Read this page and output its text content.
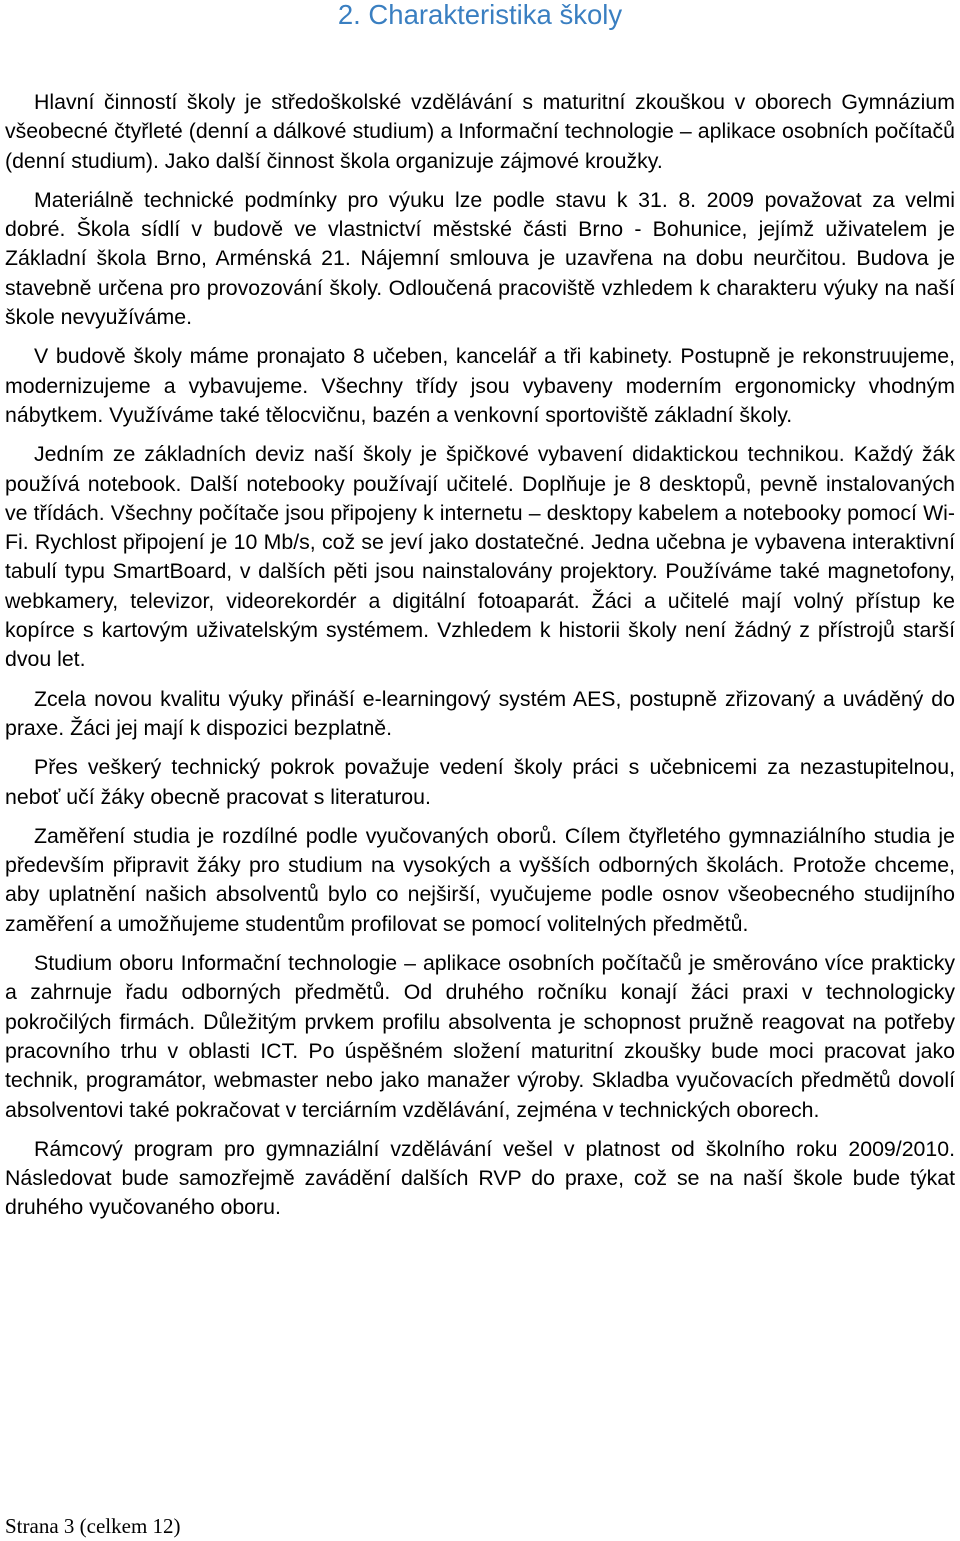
2. Charakteristika školy

Hlavní činností školy je středoškolské vzdělávání s maturitní zkouškou v oborech Gymnázium všeobecné čtyřleté (denní a dálkové studium) a Informační technologie – aplikace osobních počítačů (denní studium). Jako další činnost škola organizuje zájmové kroužky.

Materiálně technické podmínky pro výuku lze podle stavu k 31. 8. 2009 považovat za velmi dobré. Škola sídlí v budově ve vlastnictví městské části Brno - Bohunice, jejímž uživatelem je Základní škola Brno, Arménská 21. Nájemní smlouva je uzavřena na dobu neurčitou. Budova je stavebně určena pro provozování školy. Odloučená pracoviště vzhledem k charakteru výuky na naší škole nevyužíváme.

V budově školy máme pronajato 8 učeben, kancelář a tři kabinety. Postupně je rekonstruujeme, modernizujeme a vybavujeme. Všechny třídy jsou vybaveny moderním ergonomicky vhodným nábytkem. Využíváme také tělocvičnu, bazén a venkovní sportoviště základní školy.

Jedním ze základních deviz naší školy je špičkové vybavení didaktickou technikou. Každý žák používá notebook. Další notebooky používají učitelé. Doplňuje je 8 desktopů, pevně instalovaných ve třídách. Všechny počítače jsou připojeny k internetu – desktopy kabelem a notebooky pomocí Wi-Fi. Rychlost připojení je 10 Mb/s, což se jeví jako dostatečné. Jedna učebna je vybavena interaktivní tabulí typu SmartBoard, v dalších pěti jsou nainstalovány projektory. Používáme také magnetofony, webkamery, televizor, videorekordér a digitální fotoaparát. Žáci a učitelé mají volný přístup ke kopírce s kartovým uživatelským systémem. Vzhledem k historii školy není žádný z přístrojů starší dvou let.

Zcela novou kvalitu výuky přináší e-learningový systém AES, postupně zřizovaný a uváděný do praxe. Žáci jej mají k dispozici bezplatně.

Přes veškerý technický pokrok považuje vedení školy práci s učebnicemi za nezastupitelnou, neboť učí žáky obecně pracovat s literaturou.

Zaměření studia je rozdílné podle vyučovaných oborů. Cílem čtyřletého gymnaziálního studia je především připravit žáky pro studium na vysokých a vyšších odborných školách. Protože chceme, aby uplatnění našich absolventů bylo co nejširší, vyučujeme podle osnov všeobecného studijního zaměření a umožňujeme studentům profilovat se pomocí volitelných předmětů.

Studium oboru Informační technologie – aplikace osobních počítačů je směrováno více prakticky a zahrnuje řadu odborných předmětů. Od druhého ročníku konají žáci praxi v technologicky pokročilých firmách. Důležitým prvkem profilu absolventa je schopnost pružně reagovat na potřeby pracovního trhu v oblasti ICT. Po úspěšném složení maturitní zkoušky bude moci pracovat jako technik, programátor, webmaster nebo jako manažer výroby. Skladba vyučovacích předmětů dovolí absolventovi také pokračovat v terciárním vzdělávání, zejména v technických oborech.

Rámcový program pro gymnaziální vzdělávání vešel v platnost od školního roku 2009/2010. Následovat bude samozřejmě zavádění dalších RVP do praxe, což se na naší škole bude týkat druhého vyučovaného oboru.

Strana 3 (celkem 12)
